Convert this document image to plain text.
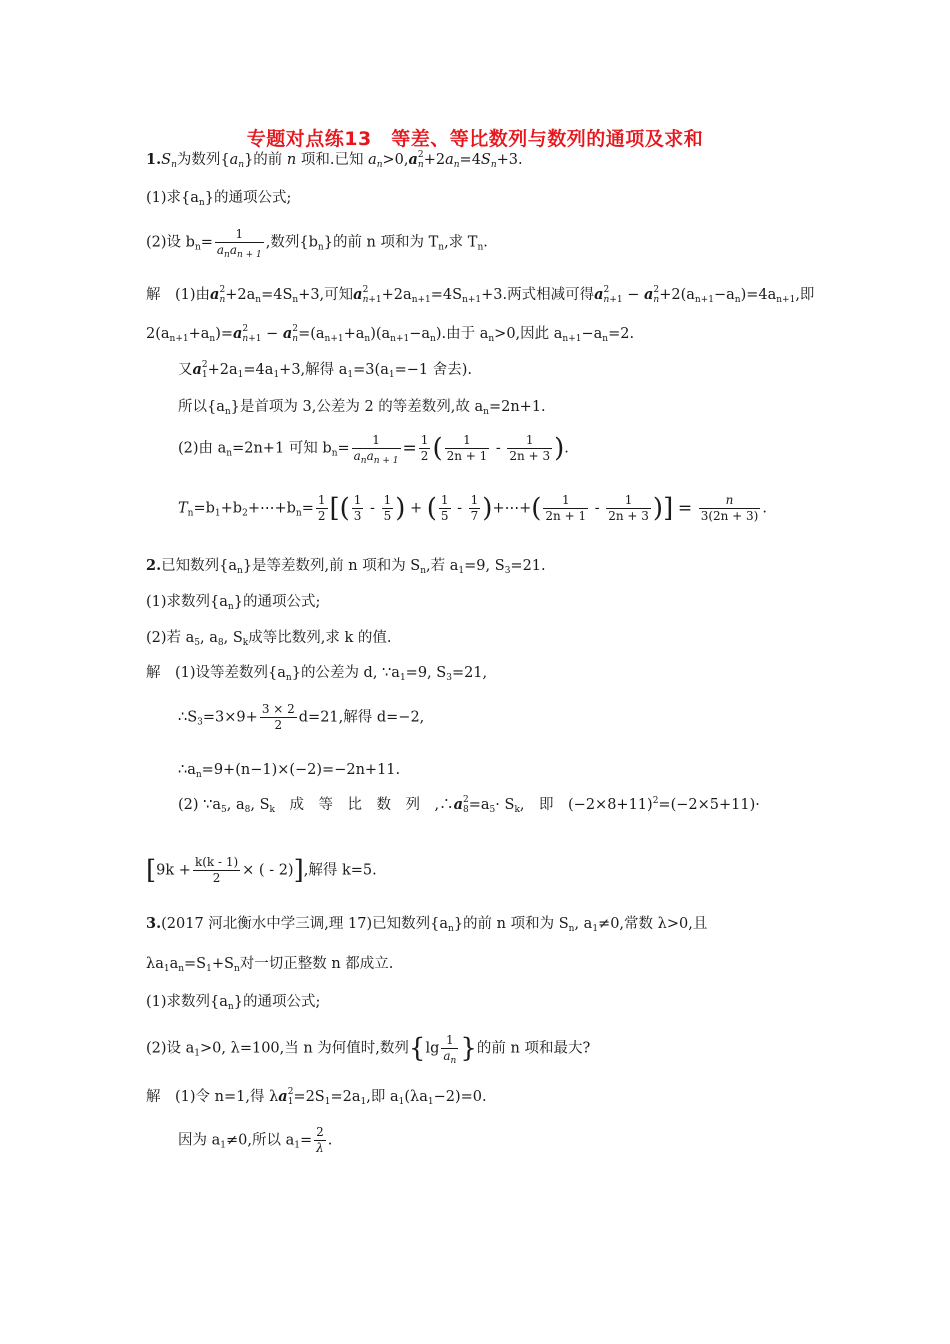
专题对点练13　等差、等比数列与数列的通项及求和
$1.S_n$为数列$\{a_n\}$的前 n 项和.已知 $a_n>0,a$ 2
$n +2a_n=4S_n+3$.
(1)求$\{a_n\}$的通项公式;
(2)设 $b_n= \frac{1}{a_na_{n + 1}}$ ,数列$\{b_n\}$的前 n 项和为 $T_n$,求 $T_n$.
解　(1)由a 2
$n +2a_n=4S_n+3$,可知a 2
$n+1 +2a_{n+1}=4S_{n+1}+3$.两式相减可得a 2
n+1 − a 2
$n +2(a_{n+1}-a_n)=4a_{n+1}$,即
$2(a_{n+1}+a_n)=a$ 2
n+1 − a 2
$n =(a_{n+1}+a_n)(a_{n+1}-a_n)$.由于 $a_n>0$,因此 $a_{n+1}-a_n=2$.
又a 2
$1 +2a_1=4a_1+3$,解得 $a_1=3(a_1=-1$ 舍去).
所以$\{a_n\}$是首项为 3,公差为 2 的等差数列,故 $a_n=2n+1$.
(2)由 $a_n=2n+1$ 可知 $b_n= \frac{1}{a_na_{n + 1}} = \frac{1}{2}$ ( $\frac{1}{2n + 1} - \frac{1}{2n + 3}$ ).
$T_n=b_1+b_2+\cdots+b_n= \frac{1}{2}$ [( $\frac{1}{3} - \frac{1}{5}$ ) + ( $\frac{1}{5} - \frac{1}{7}$ )+⋯+( $\frac{1}{2n + 1} - \frac{1}{2n + 3}$ )] = $\frac{n}{3(2n + 3)}$ .
2.已知数列$\{a_n\}$是等差数列,前 n 项和为 $S_n$,若 $a_1=9$, $S_3=21$.
(1)求数列$\{a_n\}$的通项公式;
(2)若 $a_5$, $a_8$, $S_k$成等比数列,求 k 的值.
解　(1)设等差数列$\{a_n\}$的公差为 d, $\because a_1=9$, $S_3=21$,
$\therefore S_3=3\times 9+ \frac{3 \times 2}{2} d=21$,解得 d=−2,
$\therefore a_n=9+(n-1)\times(-2)=-2n+11$.
(2) $\because a_5$, $a_8$, $S_k$　成　等　比　数　列　,∴a 2
$8 =a_5\cdot S_k$,　即　$(-2\times 8+11)^2=(-2\times 5+11)\cdot$
[$9k + \frac{k(k - 1)}{2}$ × ( - 2)],解得 k=5.
3.(2017 河北衡水中学三调,理 17)已知数列$\{a_n\}$的前 n 项和为 $S_n$, $a_1\ne 0$,常数 λ>0,且
$\lambda a_1a_n=S_1+S_n$对一切正整数 n 都成立.
(1)求数列$\{a_n\}$的通项公式;
(2)设 $a_1>0$, λ=100,当 n 为何值时,数列{$\lg \frac{1}{a_n}$ }的前 n 项和最大?
解　(1)令 n=1,得 λa 2
$1 =2S_1=2a_1$,即 $a_1(\lambda a_1-2)=0$.
因为 $a_1\ne 0$,所以 $a_1= \frac{2}{\lambda}$ .
